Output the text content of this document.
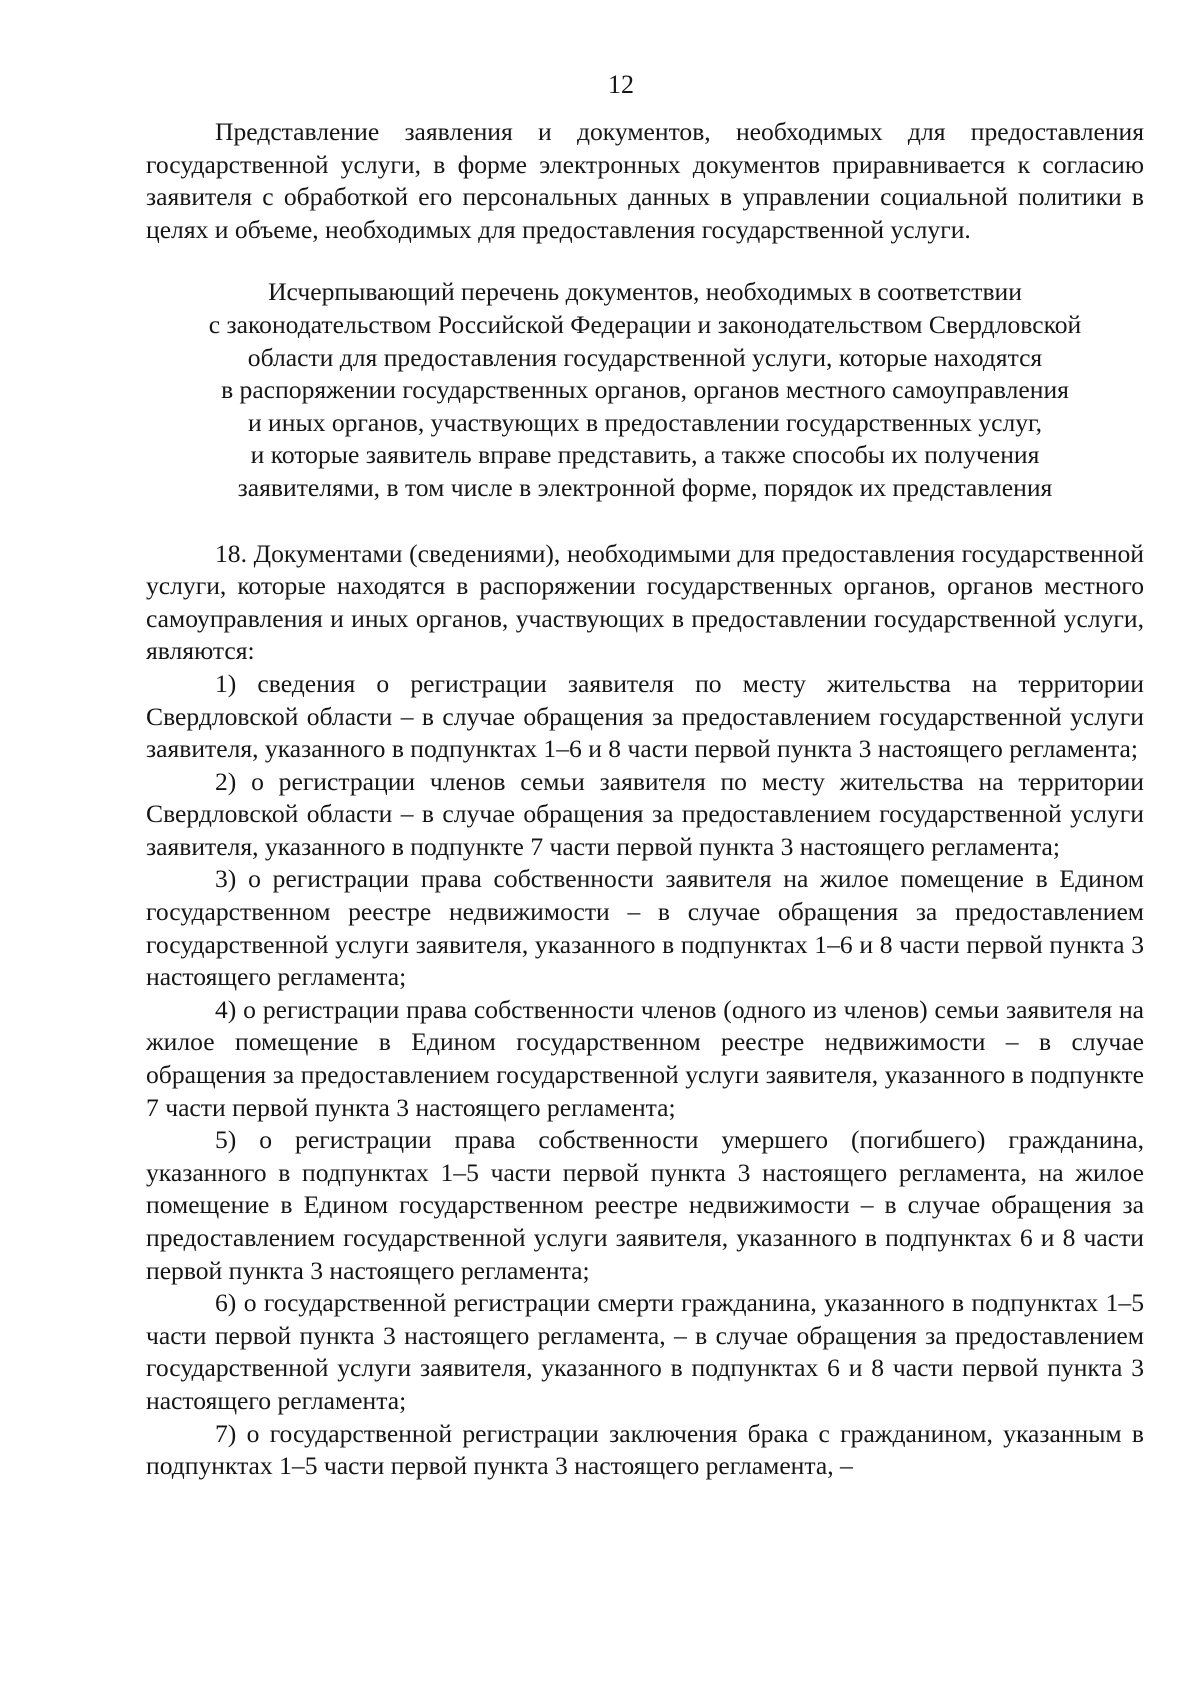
12

Представление заявления и документов, необходимых для предоставления государственной услуги, в форме электронных документов приравнивается к согласию заявителя с обработкой его персональных данных в управлении социальной политики в целях и объеме, необходимых для предоставления государственной услуги.

Исчерпывающий перечень документов, необходимых в соответствии
с законодательством Российской Федерации и законодательством Свердловской
области для предоставления государственной услуги, которые находятся
в распоряжении государственных органов, органов местного самоуправления
и иных органов, участвующих в предоставлении государственных услуг,
и которые заявитель вправе представить, а также способы их получения
заявителями, в том числе в электронной форме, порядок их представления

18. Документами (сведениями), необходимыми для предоставления государственной услуги, которые находятся в распоряжении государственных органов, органов местного самоуправления и иных органов, участвующих в предоставлении государственной услуги, являются:

1) сведения о регистрации заявителя по месту жительства на территории Свердловской области – в случае обращения за предоставлением государственной услуги заявителя, указанного в подпунктах 1–6 и 8 части первой пункта 3 настоящего регламента;

2) о регистрации членов семьи заявителя по месту жительства на территории Свердловской области – в случае обращения за предоставлением государственной услуги заявителя, указанного в подпункте 7 части первой пункта 3 настоящего регламента;

3) о регистрации права собственности заявителя на жилое помещение в Едином государственном реестре недвижимости – в случае обращения за предоставлением государственной услуги заявителя, указанного в подпунктах 1–6 и 8 части первой пункта 3 настоящего регламента;

4) о регистрации права собственности членов (одного из членов) семьи заявителя на жилое помещение в Едином государственном реестре недвижимости – в случае обращения за предоставлением государственной услуги заявителя, указанного в подпункте 7 части первой пункта 3 настоящего регламента;

5) о регистрации права собственности умершего (погибшего) гражданина, указанного в подпунктах 1–5 части первой пункта 3 настоящего регламента, на жилое помещение в Едином государственном реестре недвижимости – в случае обращения за предоставлением государственной услуги заявителя, указанного в подпунктах 6 и 8 части первой пункта 3 настоящего регламента;

6) о государственной регистрации смерти гражданина, указанного в подпунктах 1–5 части первой пункта 3 настоящего регламента, – в случае обращения за предоставлением государственной услуги заявителя, указанного в подпунктах 6 и 8 части первой пункта 3 настоящего регламента;

7) о государственной регистрации заключения брака с гражданином, указанным в подпунктах 1–5 части первой пункта 3 настоящего регламента, –
